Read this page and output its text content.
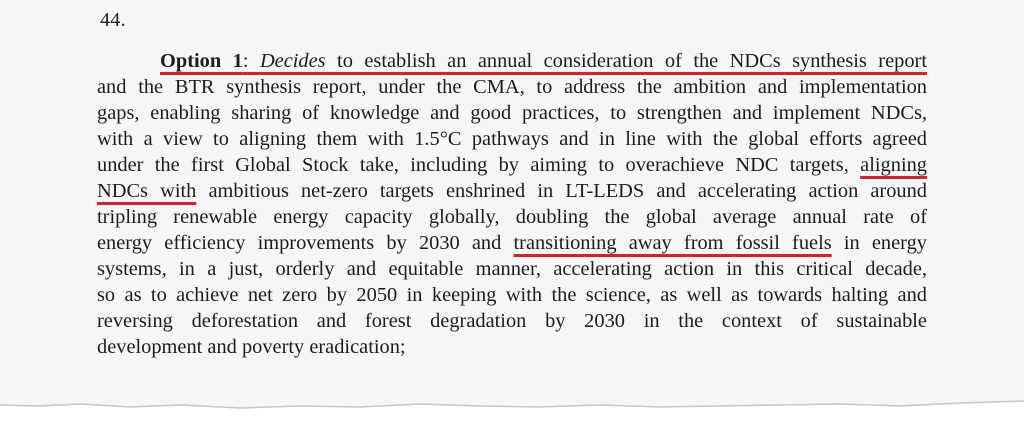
44.
Option 1: Decides to establish an annual consideration of the NDCs synthesis report
and the BTR synthesis report, under the CMA, to address the ambition and implementation
gaps, enabling sharing of knowledge and good practices, to strengthen and implement NDCs,
with a view to aligning them with 1.5°C pathways and in line with the global efforts agreed
under the first Global Stock take, including by aiming to overachieve NDC targets, aligning
NDCs with ambitious net-zero targets enshrined in LT-LEDS and accelerating action around
tripling renewable energy capacity globally, doubling the global average annual rate of
energy efficiency improvements by 2030 and transitioning away from fossil fuels in energy
systems, in a just, orderly and equitable manner, accelerating action in this critical decade,
so as to achieve net zero by 2050 in keeping with the science, as well as towards halting and
reversing deforestation and forest degradation by 2030 in the context of sustainable
development and poverty eradication;
